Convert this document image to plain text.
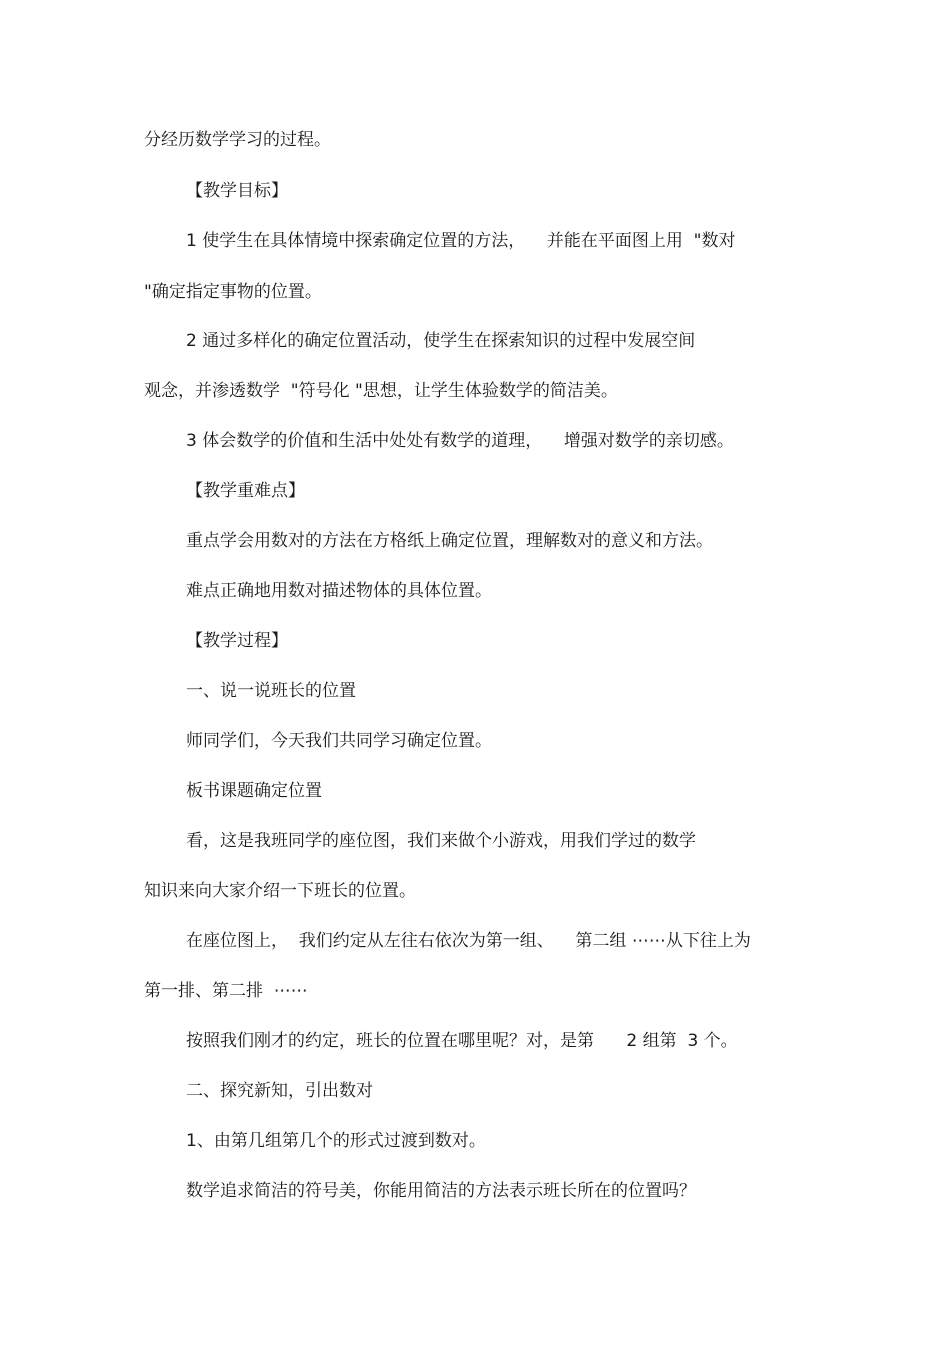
分经历数学学习的过程。

【教学目标】

1 使学生在具体情境中探索确定位置的方法，    并能在平面图上用  "数对

"确定指定事物的位置。

2 通过多样化的确定位置活动，使学生在探索知识的过程中发展空间

观念，并渗透数学  "符号化 "思想，让学生体验数学的简洁美。

3 体会数学的价值和生活中处处有数学的道理，    增强对数学的亲切感。

【教学重难点】

重点学会用数对的方法在方格纸上确定位置，理解数对的意义和方法。

难点正确地用数对描述物体的具体位置。

【教学过程】

一、说一说班长的位置

师同学们，今天我们共同学习确定位置。

板书课题确定位置

看，这是我班同学的座位图，我们来做个小游戏，用我们学过的数学

知识来向大家介绍一下班长的位置。

在座位图上，  我们约定从左往右依次为第一组、    第二组 ⋯⋯从下往上为

第一排、第二排  ⋯⋯

按照我们刚才的约定，班长的位置在哪里呢？对，是第      2 组第  3 个。

二、探究新知，引出数对

1、由第几组第几个的形式过渡到数对。

数学追求简洁的符号美，你能用简洁的方法表示班长所在的位置吗？
